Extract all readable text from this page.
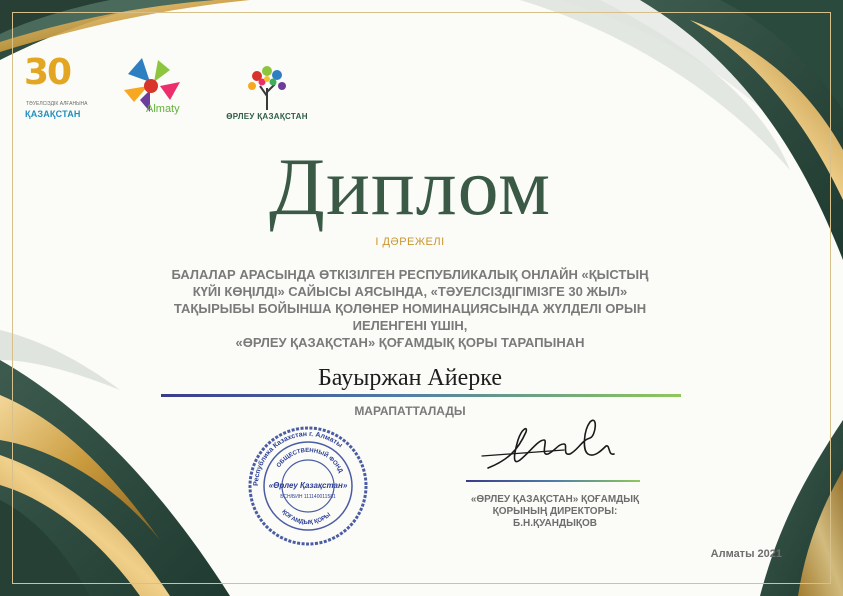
30
ТӘУЕЛСІЗДІК АЛҒАНЫНА
ҚАЗАҚСТАН	Almaty
ӨРЛЕУ ҚАЗАҚСТАН
Диплом
І ДӘРЕЖЕЛІ
БАЛАЛАР АРАСЫНДА ӨТКІЗІЛГЕН РЕСПУБЛИКАЛЫҚ ОНЛАЙН «ҚЫСТЫҢ
КҮЙІ КӨҢІЛДІ» САЙЫСЫ АЯСЫНДА, «ТӘУЕЛСІЗДІГІМІЗГЕ 30 ЖЫЛ»
ТАҚЫРЫБЫ БОЙЫНША ҚОЛӨНЕР НОМИНАЦИЯСЫНДА ЖҮЛДЕЛІ ОРЫН
ИЕЛЕНГЕНІ ҮШІН,
«ӨРЛЕУ ҚАЗАҚСТАН» ҚОҒАМДЫҚ ҚОРЫ ТАРАПЫНАН
Бауыржан Айерке
МАРАПАТТАЛАДЫ
Республика Казахстан г. Алматы
ОБЩЕСТВЕННЫЙ ФОНД
«Өрлеу Қазақстан»
БСН/БИН 111140011581
ҚОҒАМДЫҚ ҚОРЫ
«ӨРЛЕУ ҚАЗАҚСТАН» ҚОҒАМДЫҚ
ҚОРЫНЫҢ ДИРЕКТОРЫ:
Б.Н.ҚУАНДЫҚОВ
Алматы 2021
